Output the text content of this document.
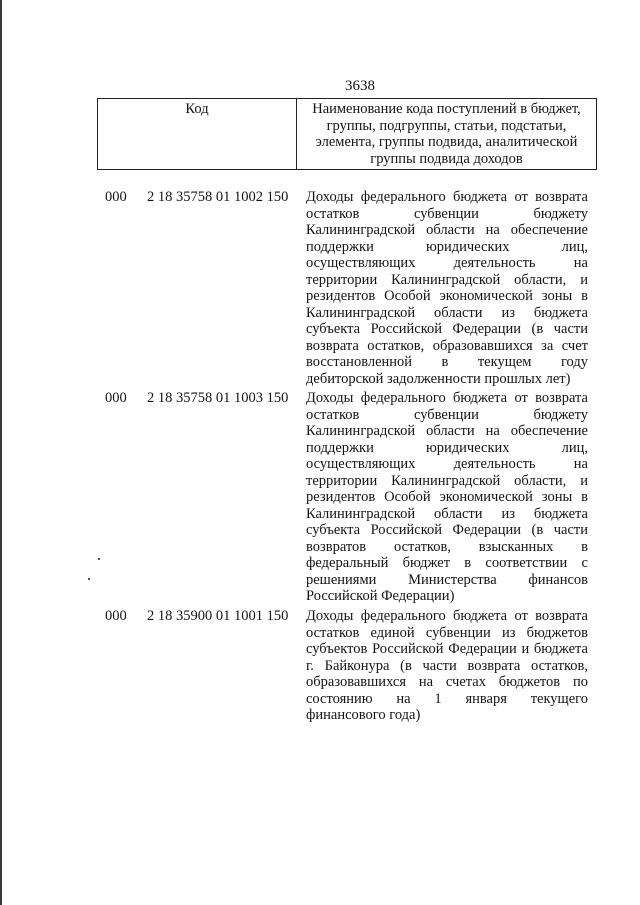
3638
Код	Наименование кода поступлений в бюджет, группы, подгруппы, статьи, подстатьи, элемента, группы подвида, аналитической группы подвида доходов
000 2 18 35758 01 1002 150 Доходы федерального бюджета от возврата остатков субвенции бюджету Калининградской области на обеспечение поддержки юридических лиц, осуществляющих деятельность на территории Калининградской области, и резидентов Особой экономической зоны в Калининградской области из бюджета субъекта Российской Федерации (в части возврата остатков, образовавшихся за счет восстановленной в текущем году дебиторской задолженности прошлых лет)
000 2 18 35758 01 1003 150 Доходы федерального бюджета от возврата остатков субвенции бюджету Калининградской области на обеспечение поддержки юридических лиц, осуществляющих деятельность на территории Калининградской области, и резидентов Особой экономической зоны в Калининградской области из бюджета субъекта Российской Федерации (в части возвратов остатков, взысканных в федеральный бюджет в соответствии с решениями Министерства финансов Российской Федерации)
000 2 18 35900 01 1001 150 Доходы федерального бюджета от возврата остатков единой субвенции из бюджетов субъектов Российской Федерации и бюджета г. Байконура (в части возврата остатков, образовавшихся на счетах бюджетов по состоянию на 1 января текущего финансового года)
